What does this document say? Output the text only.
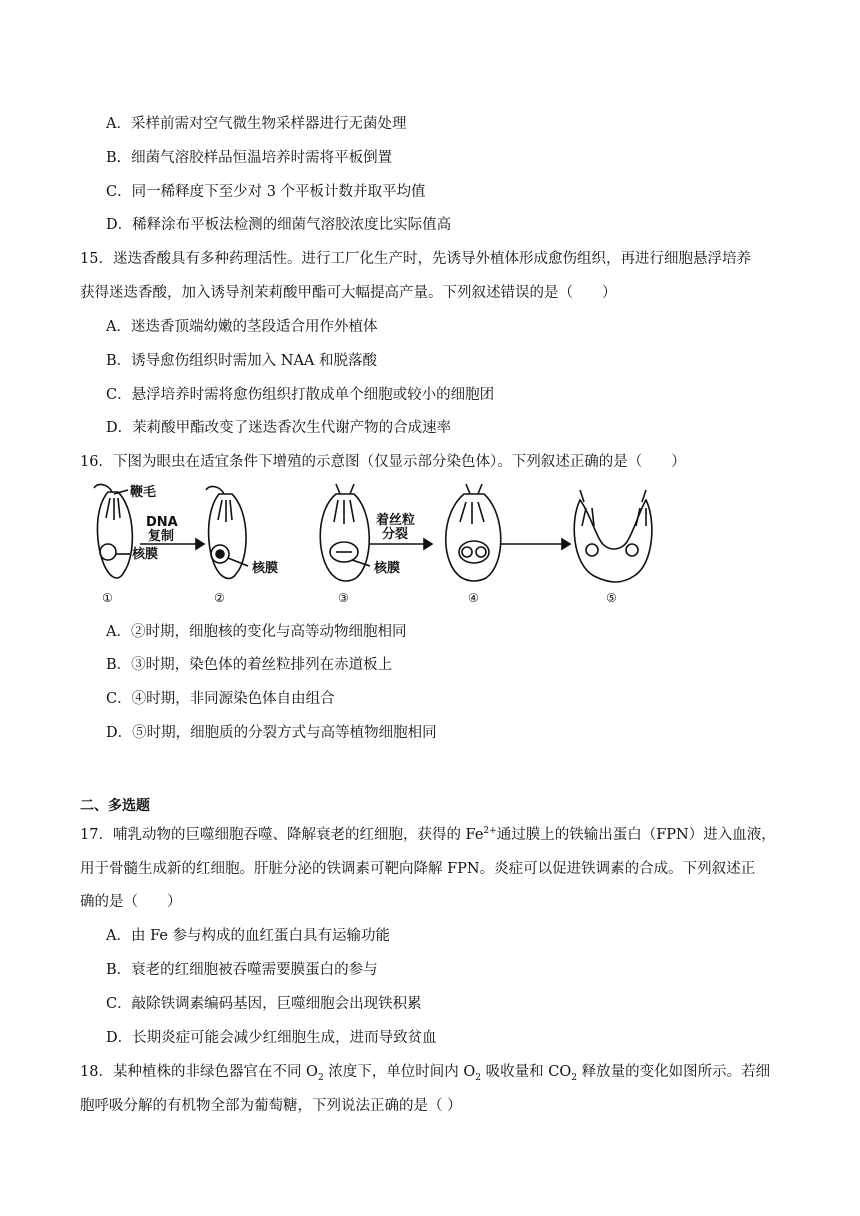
A．采样前需对空气微生物采样器进行无菌处理
B．细菌气溶胶样品恒温培养时需将平板倒置
C．同一稀释度下至少对 3 个平板计数并取平均值
D．稀释涂布平板法检测的细菌气溶胶浓度比实际值高
15．迷迭香酸具有多种药理活性。进行工厂化生产时，先诱导外植体形成愈伤组织，再进行细胞悬浮培养
获得迷迭香酸，加入诱导剂茉莉酸甲酯可大幅提高产量。下列叙述错误的是（　　）
A．迷迭香顶端幼嫩的茎段适合用作外植体
B．诱导愈伤组织时需加入 NAA 和脱落酸
C．悬浮培养时需将愈伤组织打散成单个细胞或较小的细胞团
D．茉莉酸甲酯改变了迷迭香次生代谢产物的合成速率
16．下图为眼虫在适宜条件下增殖的示意图（仅显示部分染色体）。下列叙述正确的是（　　）
鞭毛
DNA
复制
核膜
核膜
着丝粒
分裂
核膜
①	②	③	④	⑤
A．②时期，细胞核的变化与高等动物细胞相同
B．③时期，染色体的着丝粒排列在赤道板上
C．④时期，非同源染色体自由组合
D．⑤时期，细胞质的分裂方式与高等植物细胞相同
二、多选题
17．哺乳动物的巨噬细胞吞噬、降解衰老的红细胞，获得的 $Fe^{2+}$通过膜上的铁输出蛋白（FPN）进入血液，
用于骨髓生成新的红细胞。肝脏分泌的铁调素可靶向降解 FPN。炎症可以促进铁调素的合成。下列叙述正
确的是（　　）
A．由 Fe 参与构成的血红蛋白具有运输功能
B．衰老的红细胞被吞噬需要膜蛋白的参与
C．敲除铁调素编码基因，巨噬细胞会出现铁积累
D．长期炎症可能会减少红细胞生成，进而导致贫血
18．某种植株的非绿色器官在不同 $O_2$ 浓度下，单位时间内 $O_2$ 吸收量和 $CO_2$ 释放量的变化如图所示。若细
胞呼吸分解的有机物全部为葡萄糖，下列说法正确的是（ ）
